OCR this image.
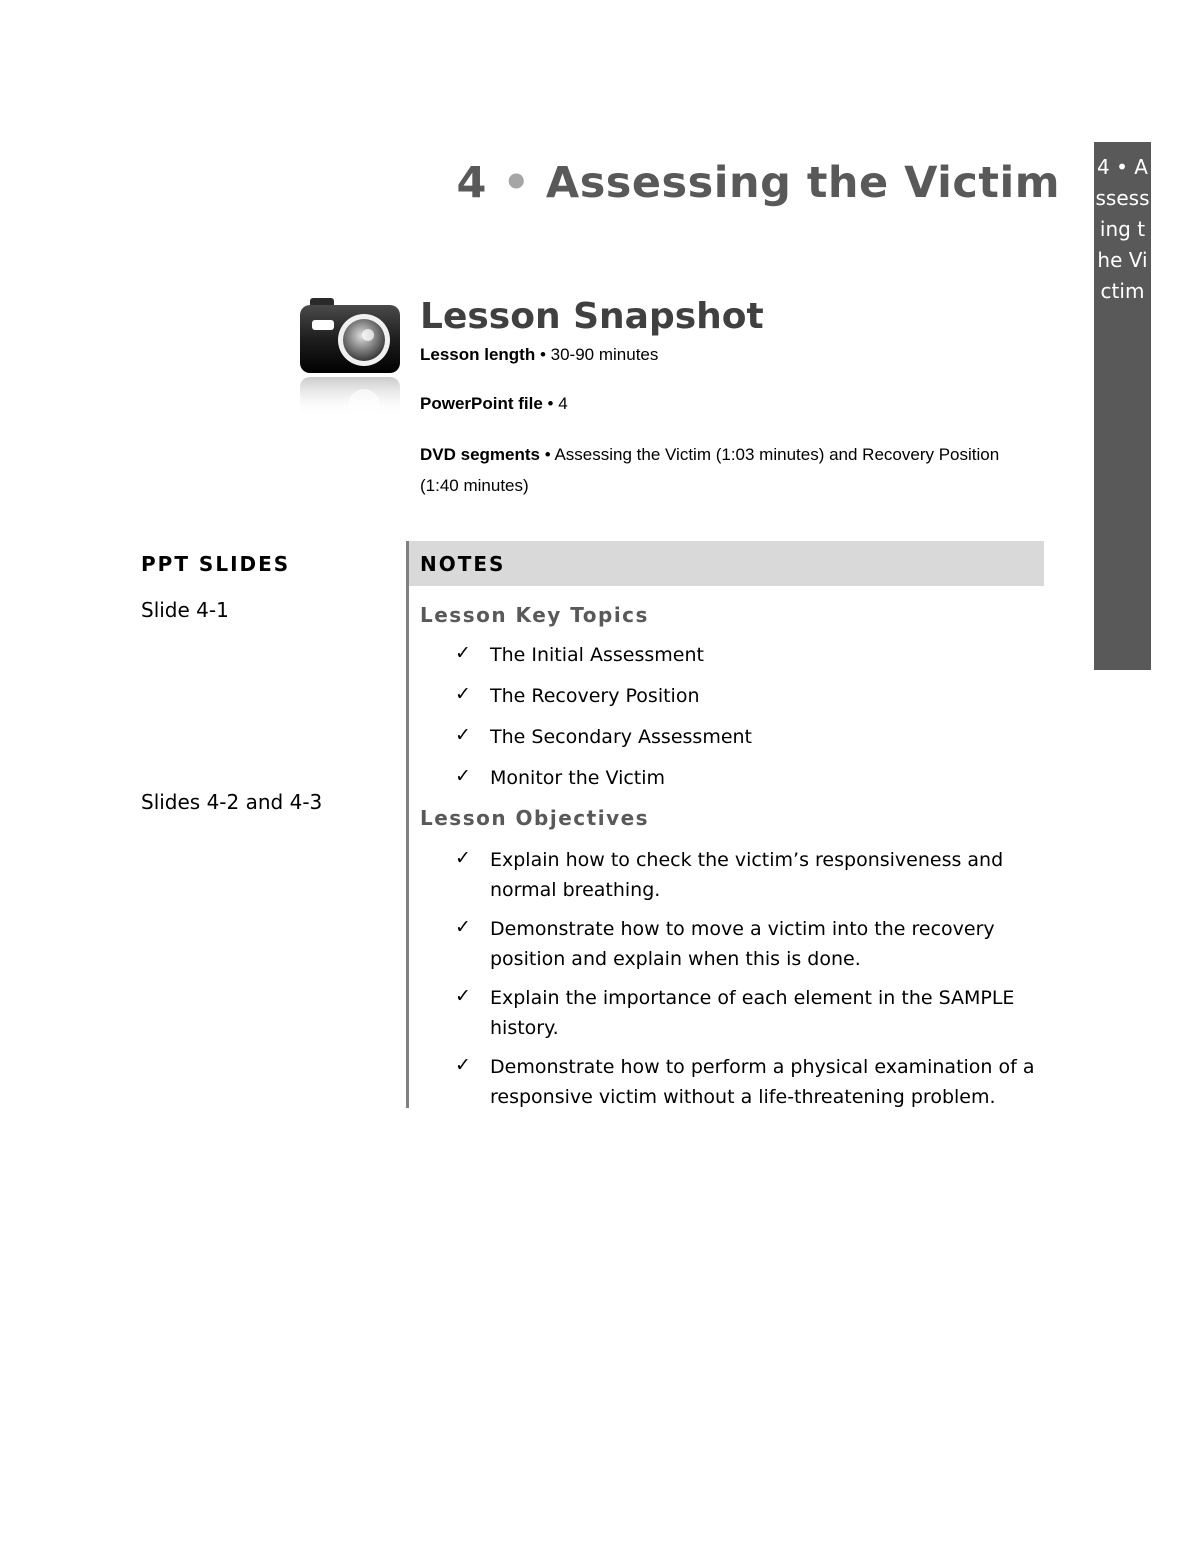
4 • Assessing the Victim 4 • Assessing the Victim
Lesson Snapshot
Lesson length • 30-90 minutes
PowerPoint file • 4
DVD segments • Assessing the Victim (1:03 minutes) and Recovery Position (1:40 minutes)
PPT SLIDES
Slide 4-1
Slides 4-2 and 4-3
NOTES
Lesson Key Topics
✓ The Initial Assessment
✓ The Recovery Position
✓ The Secondary Assessment
✓ Monitor the Victim
Lesson Objectives
✓ Explain how to check the victim’s responsiveness and normal breathing.
✓ Demonstrate how to move a victim into the recovery position and explain when this is done.
✓ Explain the importance of each element in the SAMPLE history.
✓ Demonstrate how to perform a physical examination of a responsive victim without a life-threatening problem.
